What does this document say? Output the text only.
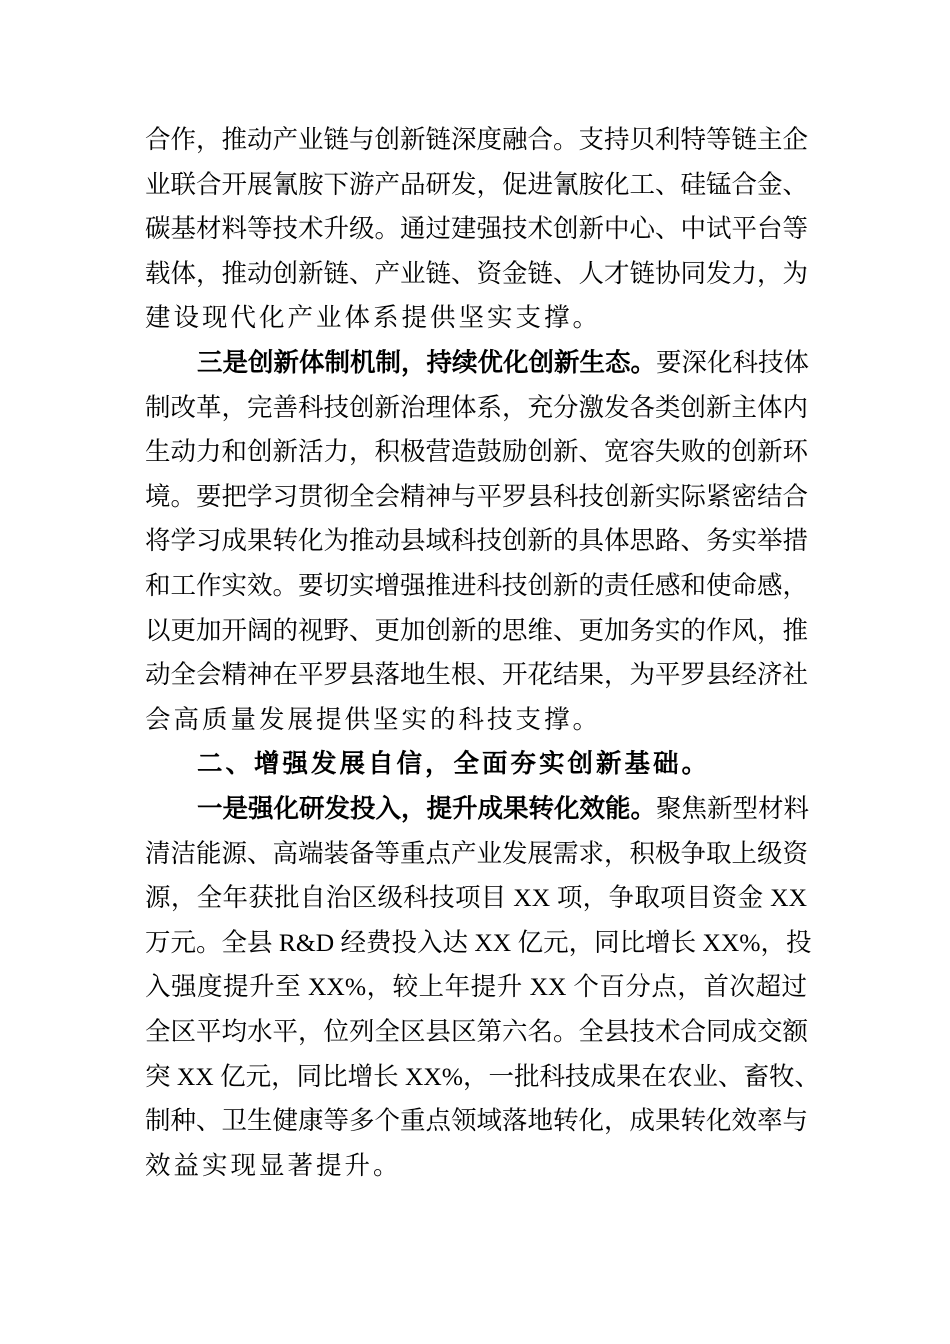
合作，推动产业链与创新链深度融合。支持贝利特等链主企
业联合开展氰胺下游产品研发，促进氰胺化工、硅锰合金、
碳基材料等技术升级。通过建强技术创新中心、中试平台等
载体，推动创新链、产业链、资金链、人才链协同发力，为
建设现代化产业体系提供坚实支撑。
三是创新体制机制，持续优化创新生态。要深化科技体
制改革，完善科技创新治理体系，充分激发各类创新主体内
生动力和创新活力，积极营造鼓励创新、宽容失败的创新环
境。要把学习贯彻全会精神与平罗县科技创新实际紧密结合
将学习成果转化为推动县域科技创新的具体思路、务实举措
和工作实效。要切实增强推进科技创新的责任感和使命感，
以更加开阔的视野、更加创新的思维、更加务实的作风，推
动全会精神在平罗县落地生根、开花结果，为平罗县经济社
会高质量发展提供坚实的科技支撑。
二、增强发展自信，全面夯实创新基础。
一是强化研发投入，提升成果转化效能。聚焦新型材料
清洁能源、高端装备等重点产业发展需求，积极争取上级资
源，全年获批自治区级科技项目 XX 项，争取项目资金 XX
万元。全县 R&D 经费投入达 XX 亿元，同比增长 XX%，投
入强度提升至 XX%，较上年提升 XX 个百分点，首次超过
全区平均水平，位列全区县区第六名。全县技术合同成交额
突 XX 亿元，同比增长 XX%，一批科技成果在农业、畜牧、
制种、卫生健康等多个重点领域落地转化，成果转化效率与
效益实现显著提升。
